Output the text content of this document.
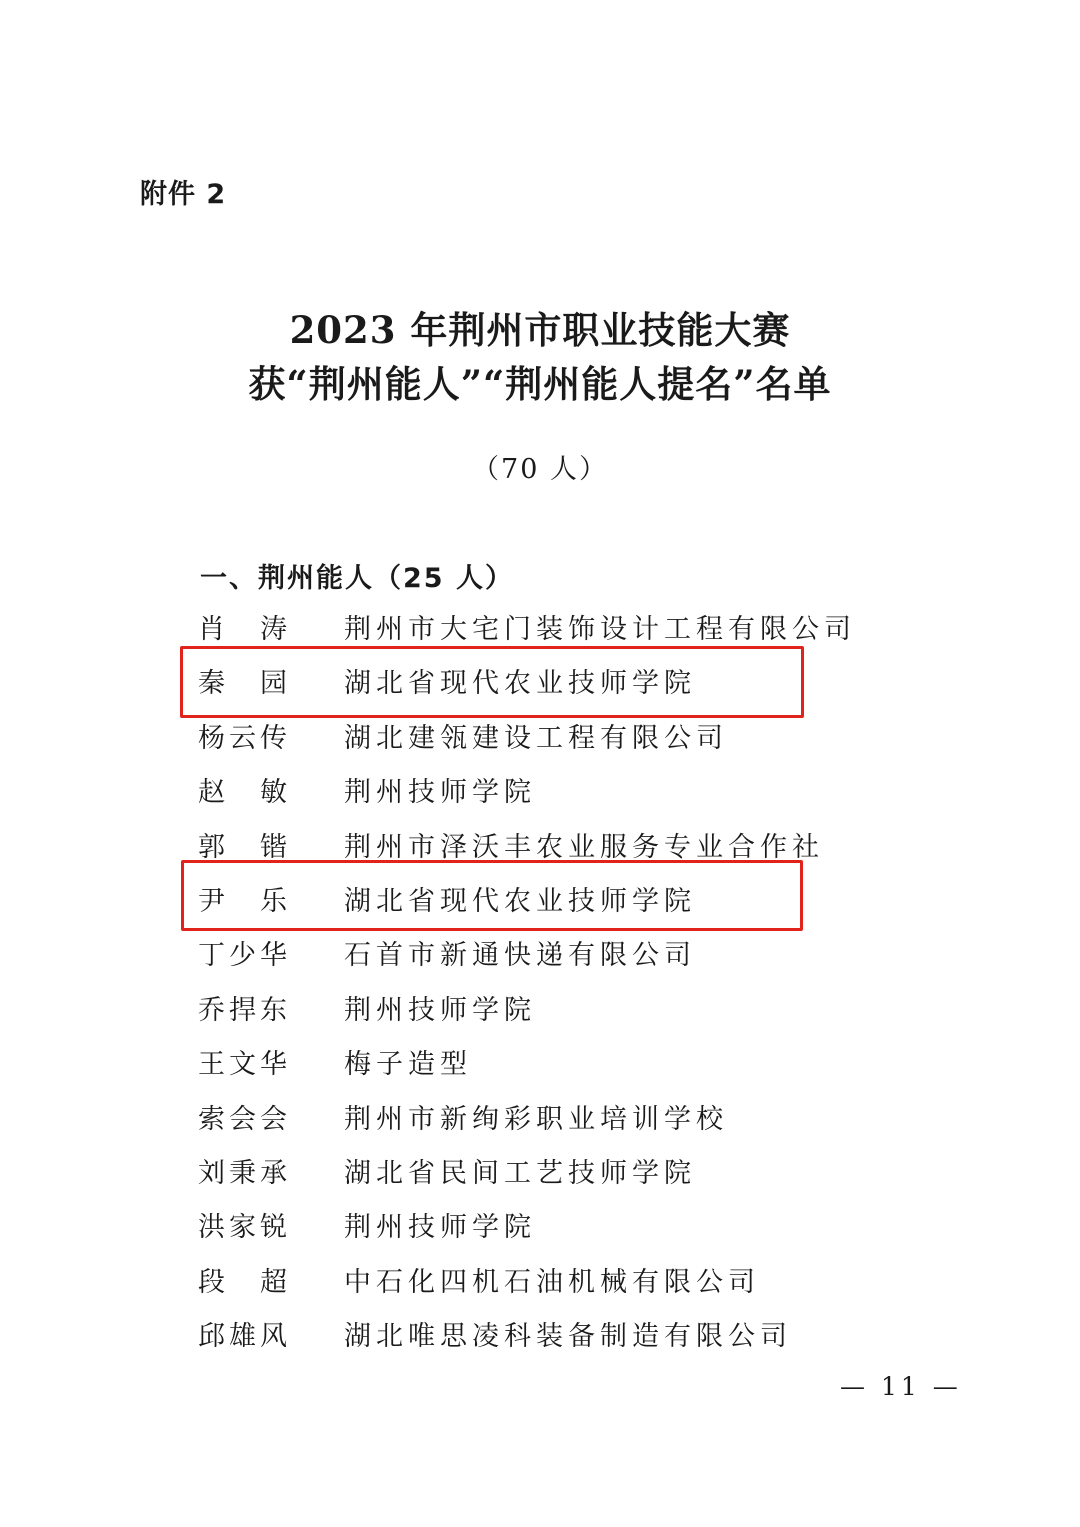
附件 2
2023 年荆州市职业技能大赛
获“荆州能人”“荆州能人提名”名单
（70 人）
一、荆州能人（25 人）
肖　涛 荆州市大宅门装饰设计工程有限公司
秦　园 湖北省现代农业技师学院
杨云传 湖北建瓴建设工程有限公司
赵　敏 荆州技师学院
郭　锴 荆州市泽沃丰农业服务专业合作社
尹　乐 湖北省现代农业技师学院
丁少华 石首市新通快递有限公司
乔捍东 荆州技师学院
王文华 梅子造型
索会会 荆州市新绚彩职业培训学校
刘秉承 湖北省民间工艺技师学院
洪家锐 荆州技师学院
段　超 中石化四机石油机械有限公司
邱雄风 湖北唯思凌科装备制造有限公司
— 11 —
